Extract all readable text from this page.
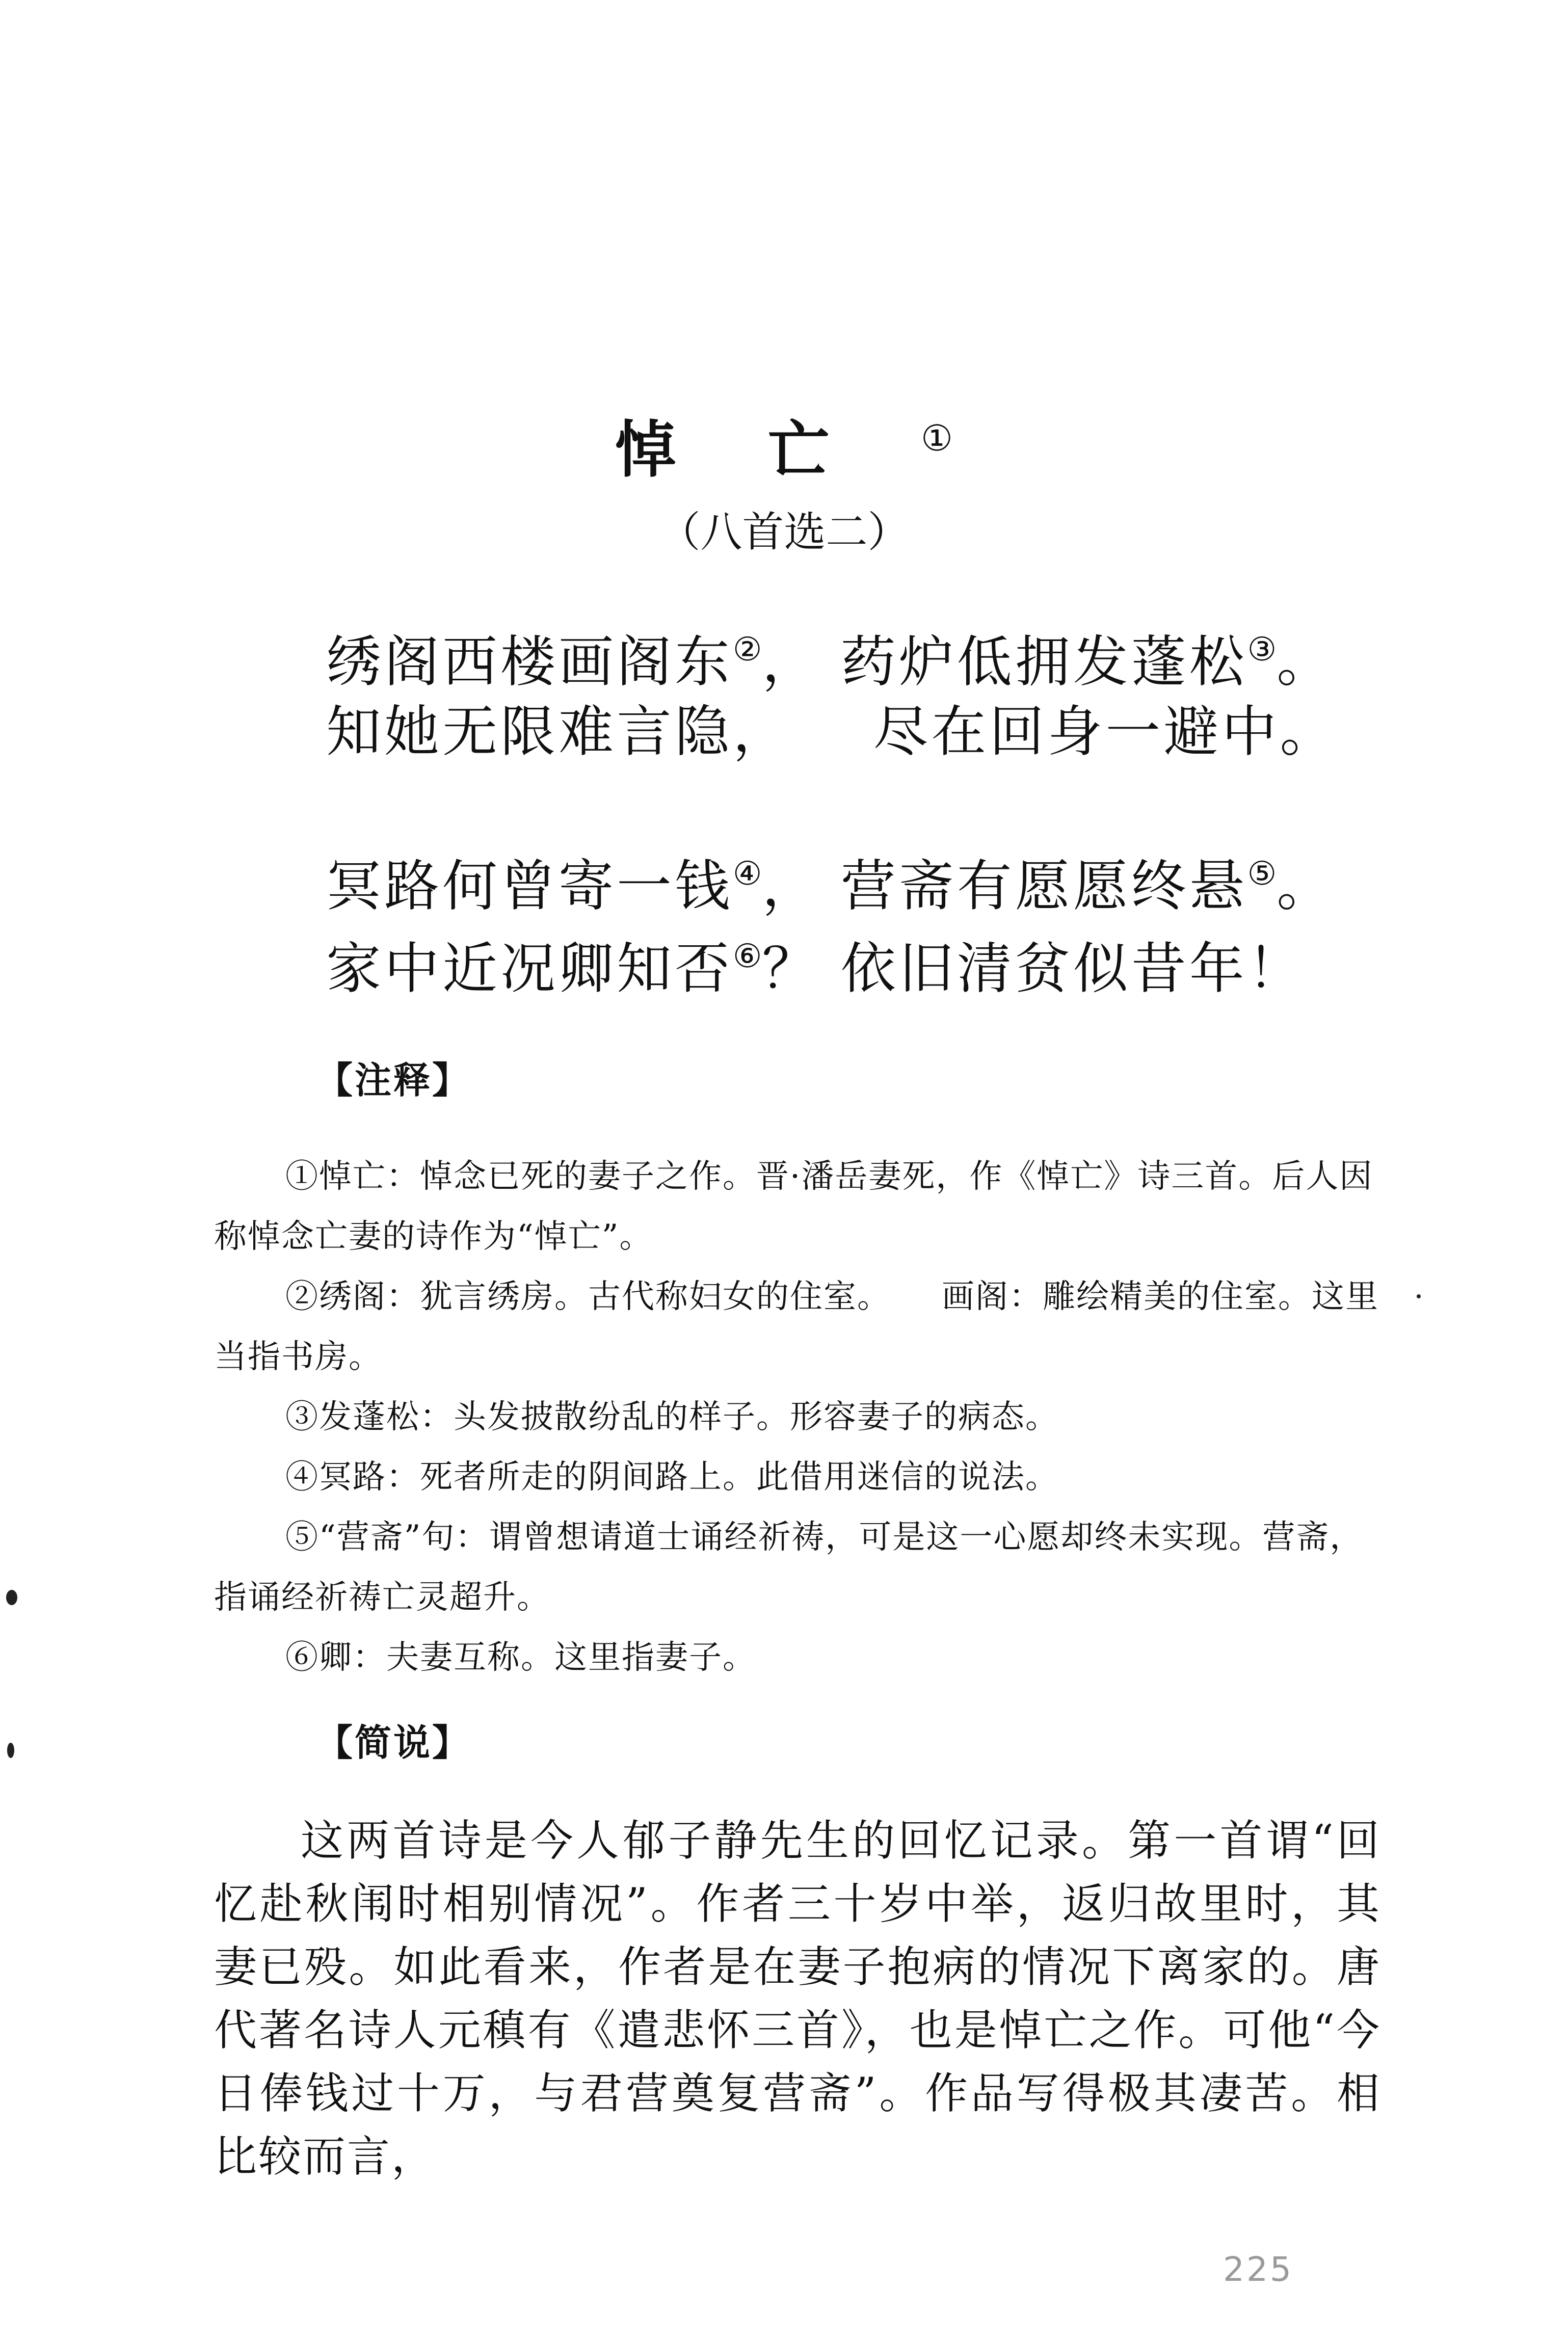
悼亡①
（八首选二）
绣阁西楼画阁东②， 药炉低拥发蓬松③。
知她无限难言隐， 尽在回身一避中。
冥路何曾寄一钱④， 营斋有愿愿终悬⑤。
家中近况卿知否⑥？ 依旧清贫似昔年！
【注释】

①悼亡：悼念已死的妻子之作。晋·潘岳妻死，作《悼亡》诗三首。后人因称悼念亡妻的诗作为“悼亡”。

②绣阁：犹言绣房。古代称妇女的住室。　　画阁：雕绘精美的住室。这里当指书房。

③发蓬松：头发披散纷乱的样子。形容妻子的病态。

④冥路：死者所走的阴间路上。此借用迷信的说法。

⑤“营斋”句：谓曾想请道士诵经祈祷，可是这一心愿却终未实现。营斋，指诵经祈祷亡灵超升。

⑥卿：夫妻互称。这里指妻子。

【简说】
这两首诗是今人郁子静先生的回忆记录。第一首谓“回忆赴秋闱时相别情况”。作者三十岁中举，返归故里时，其妻已殁。如此看来，作者是在妻子抱病的情况下离家的。唐代著名诗人元稹有《遣悲怀三首》，也是悼亡之作。可他“今日俸钱过十万，与君营奠复营斋”。作品写得极其凄苦。相比较而言，
225
